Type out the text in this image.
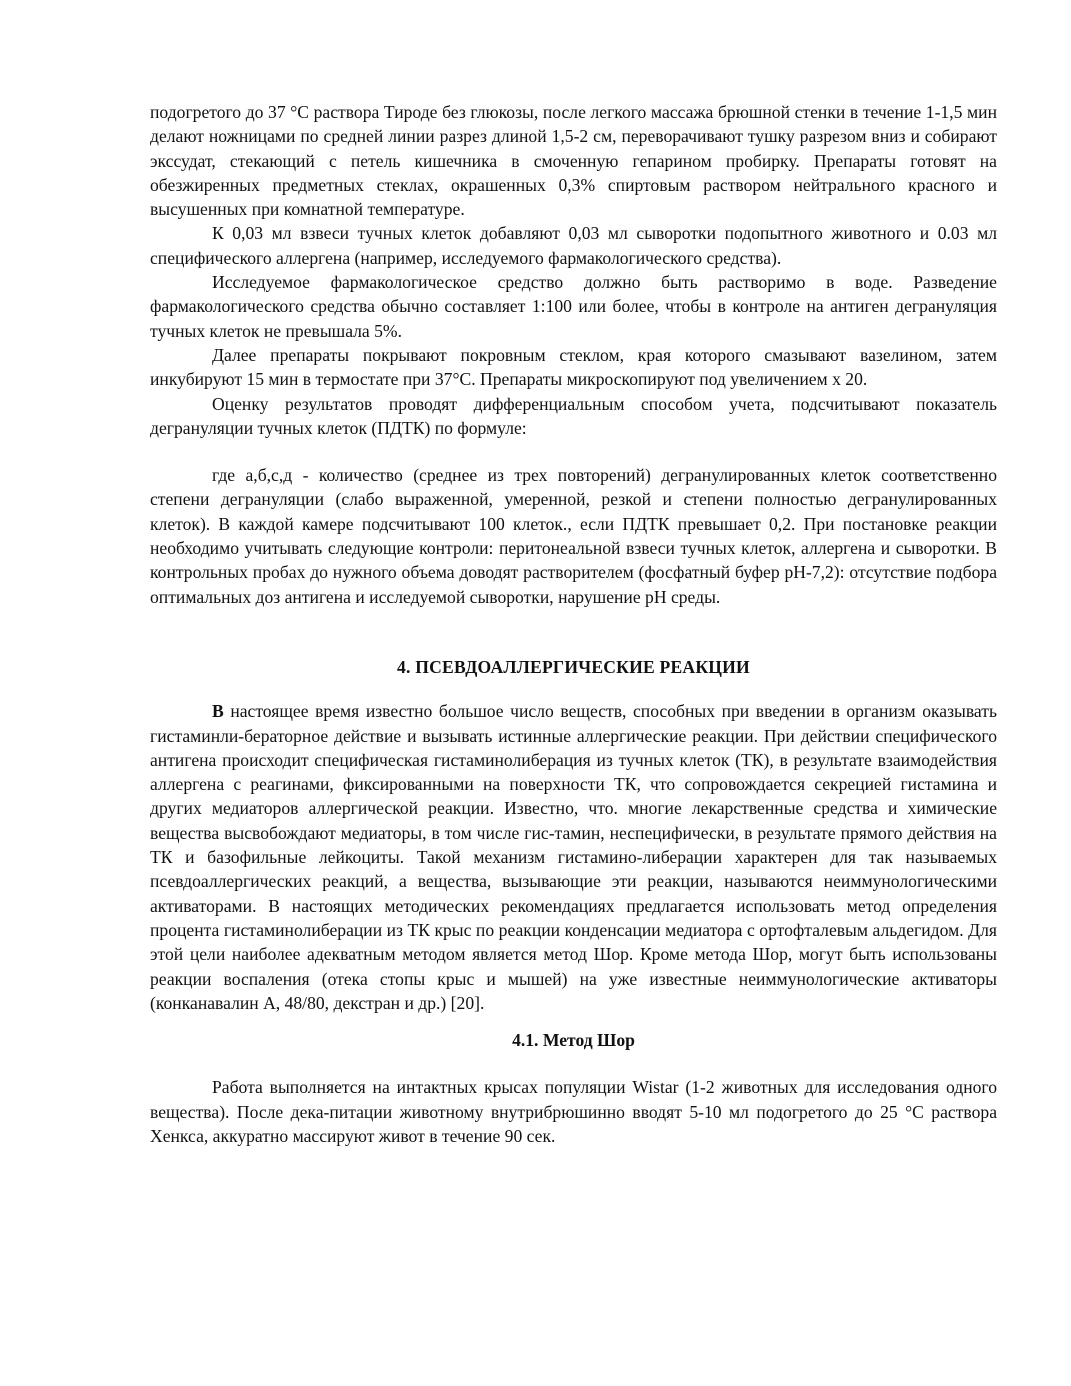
подогретого до 37 °С раствора Тироде без глюкозы, после легкого массажа брюшной стенки в течение 1-1,5 мин делают ножницами по средней линии разрез длиной 1,5-2 см, переворачивают тушку разрезом вниз и собирают экссудат, стекающий с петель кишечника в смоченную гепарином пробирку. Препараты готовят на обезжиренных предметных стеклах, окрашенных 0,3% спиртовым раствором нейтрального красного и высушенных при комнатной температуре.

К 0,03 мл взвеси тучных клеток добавляют 0,03 мл сыворотки подопытного животного и 0.03 мл специфического аллергена (например, исследуемого фармакологического средства).

Исследуемое фармакологическое средство должно быть растворимо в воде. Разведение фармакологического средства обычно составляет 1:100 или более, чтобы в контроле на антиген дегрануляция тучных клеток не превышала 5%.

Далее препараты покрывают покровным стеклом, края которого смазывают вазелином, затем инкубируют 15 мин в термостате при 37°С. Препараты микроскопируют под увеличением х 20.

Оценку результатов проводят дифференциальным способом учета, подсчитывают показатель дегрануляции тучных клеток (ПДТК) по формуле:

где а,б,с,д - количество (среднее из трех повторений) дегранулированных клеток соответственно степени дегрануляции (слабо выраженной, умеренной, резкой и степени полностью дегранулированных клеток). В каждой камере подсчитывают 100 клеток., если ПДТК превышает 0,2. При постановке реакции необходимо учитывать следующие контроли: перитонеальной взвеси тучных клеток, аллергена и сыворотки. В контрольных пробах до нужного объема доводят растворителем (фосфатный буфер рН-7,2): отсутствие подбора оптимальных доз антигена и исследуемой сыворотки, нарушение рН среды.

4. ПСЕВДОАЛЛЕРГИЧЕСКИЕ РЕАКЦИИ

В настоящее время известно большое число веществ, способных при введении в организм оказывать гистаминли-бераторное действие и вызывать истинные аллергические реакции. При действии специфического антигена происходит специфическая гистаминолиберация из тучных клеток (ТК), в результате взаимодействия аллергена с реагинами, фиксированными на поверхности ТК, что сопровождается секрецией гистамина и других медиаторов аллергической реакции. Известно, что. многие лекарственные средства и химические вещества высвобождают медиаторы, в том числе гис-тамин, неспецифически, в результате прямого действия на ТК и базофильные лейкоциты. Такой механизм гистамино-либерации характерен для так называемых псевдоаллергических реакций, а вещества, вызывающие эти реакции, называются неиммунологическими активаторами. В настоящих методических рекомендациях предлагается использовать метод определения процента гистаминолиберации из ТК крыс по реакции конденсации медиатора с ортофталевым альдегидом. Для этой цели наиболее адекватным методом является метод Шор. Кроме метода Шор, могут быть использованы реакции воспаления (отека стопы крыс и мышей) на уже известные неиммунологические активаторы (конканавалин А, 48/80, декстран и др.) [20].

4.1. Метод Шор

Работа выполняется на интактных крысах популяции Wistar (1-2 животных для исследования одного вещества). После дека-питации животному внутрибрюшинно вводят 5-10 мл подогретого до 25 °С раствора Хенкса, аккуратно массируют живот в течение 90 сек.
